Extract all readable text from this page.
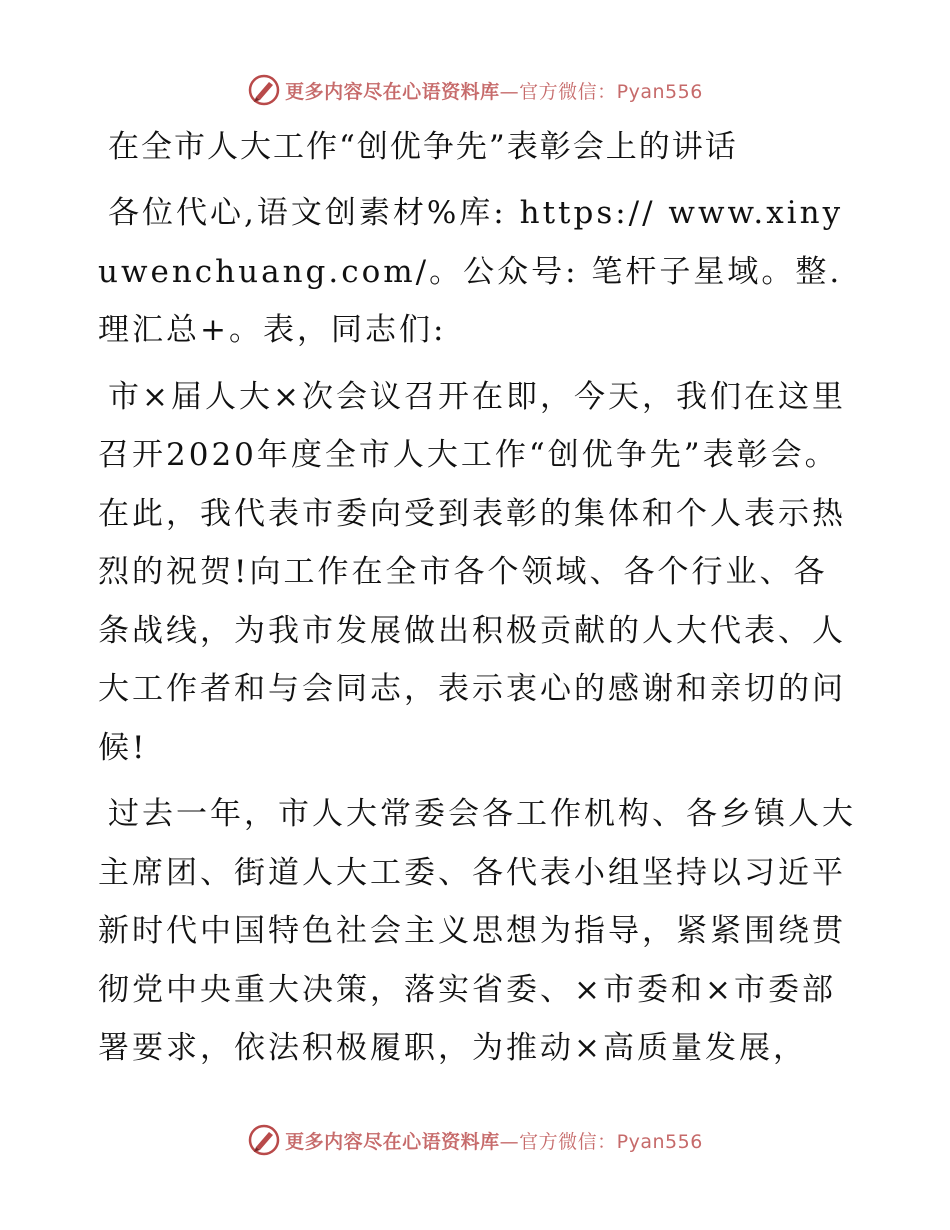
更多内容尽在心语资料库—官方微信：Pyan556
在全市人大工作“创优争先”表彰会上的讲话

各位代心,语文创素材%库: https:// www.xinyuwenchuang.com/。公众号: 笔杆子星域。整.理汇总+。表，同志们:

市×届人大×次会议召开在即，今天，我们在这里召开2020年度全市人大工作“创优争先”表彰会。在此，我代表市委向受到表彰的集体和个人表示热烈的祝贺!向工作在全市各个领域、各个行业、各条战线，为我市发展做出积极贡献的人大代表、人大工作者和与会同志，表示衷心的感谢和亲切的问候!

过去一年，市人大常委会各工作机构、各乡镇人大主席团、街道人大工委、各代表小组坚持以习近平新时代中国特色社会主义思想为指导，紧紧围绕贯彻党中央重大决策，落实省委、×市委和×市委部署要求，依法积极履职，为推动×高质量发展，

更多内容尽在心语资料库—官方微信：Pyan556
